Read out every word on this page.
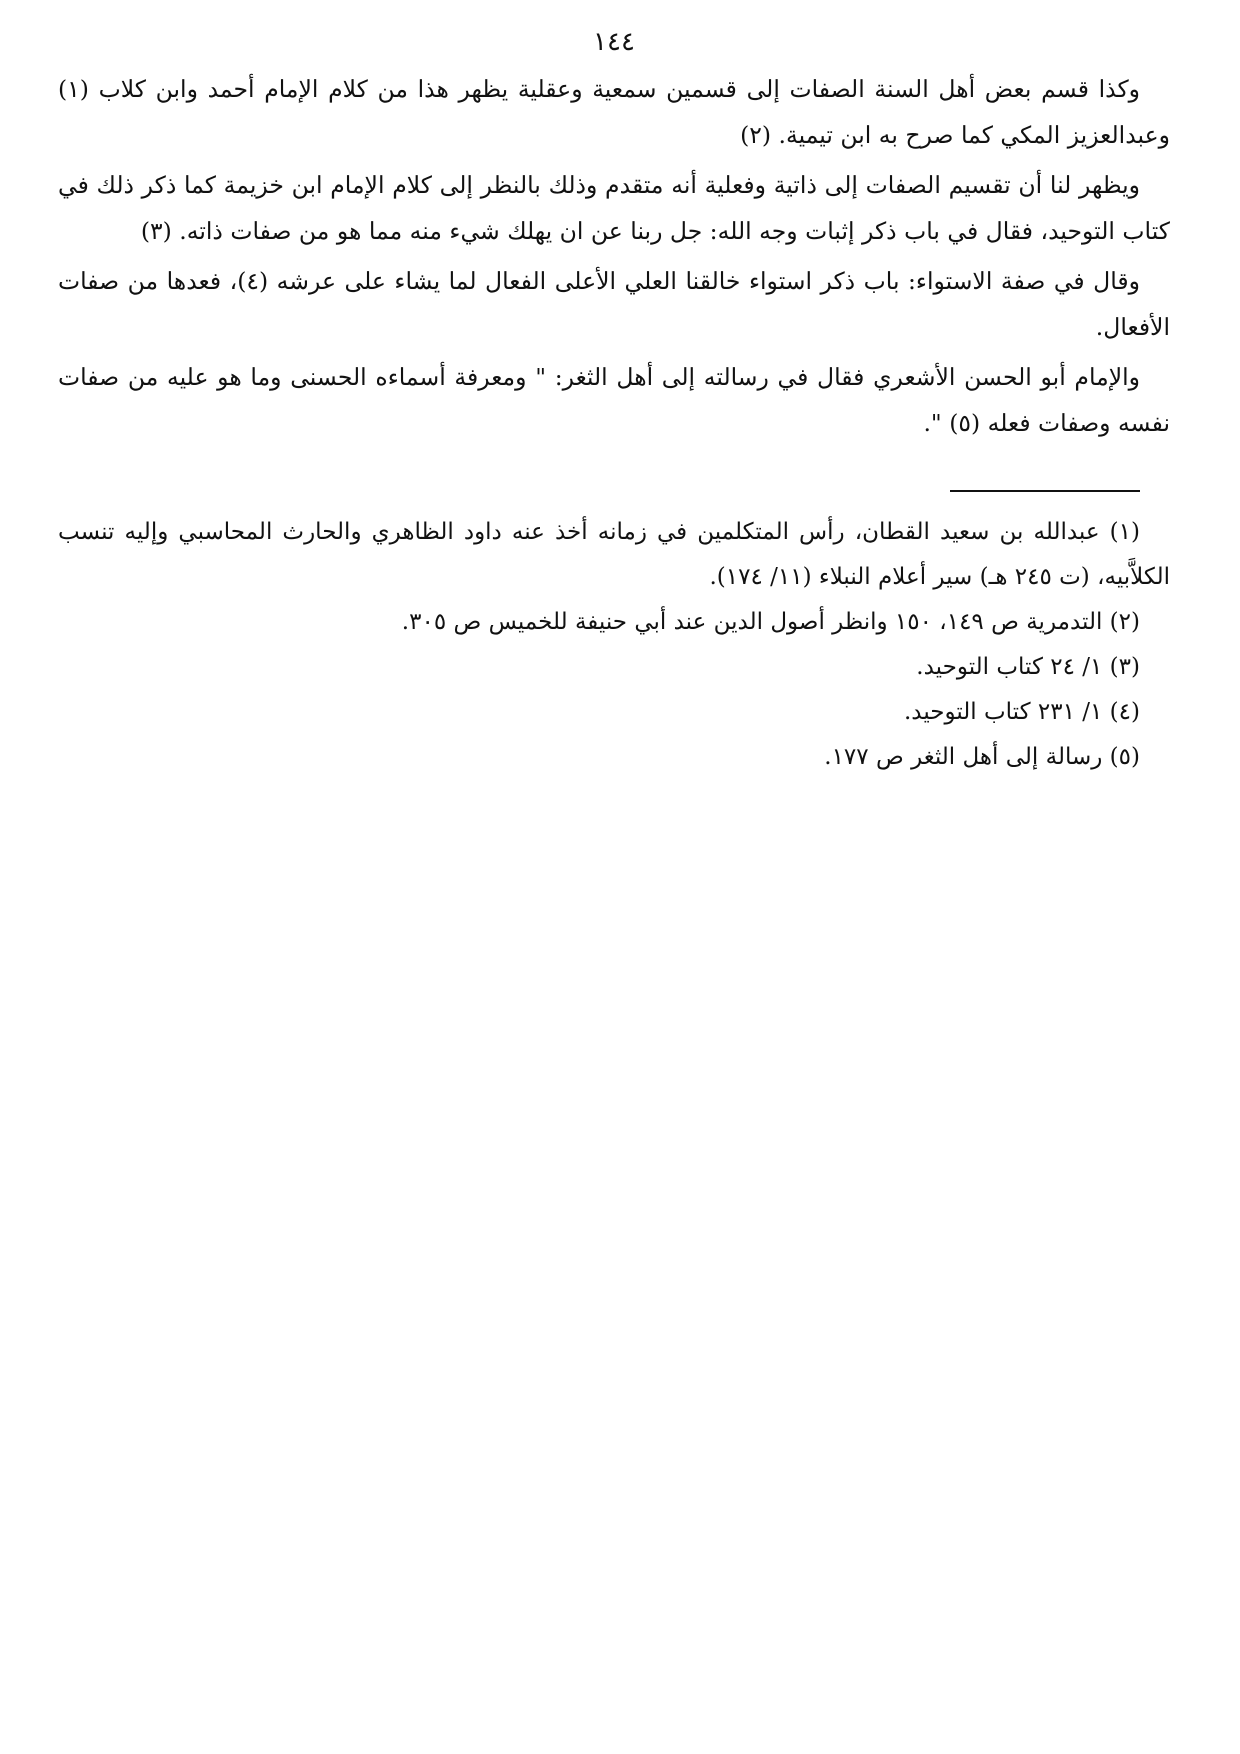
١٤٤

وكذا قسم بعض أهل السنة الصفات إلى قسمين سمعية وعقلية يظهر هذا من كلام الإمام أحمد وابن كلاب (١) وعبدالعزيز المكي كما صرح به ابن تيمية. (٢)

ويظهر لنا أن تقسيم الصفات إلى ذاتية وفعلية أنه متقدم وذلك بالنظر إلى كلام الإمام ابن خزيمة كما ذكر ذلك في كتاب التوحيد، فقال في باب ذكر إثبات وجه الله: جل ربنا عن ان يهلك شيء منه مما هو من صفات ذاته. (٣)

وقال في صفة الاستواء: باب ذكر استواء خالقنا العلي الأعلى الفعال لما يشاء على عرشه (٤)، فعدها من صفات الأفعال.

والإمام أبو الحسن الأشعري فقال في رسالته إلى أهل الثغر: " ومعرفة أسماءه الحسنى وما هو عليه من صفات نفسه وصفات فعله (٥) ".

(١) عبدالله بن سعيد القطان، رأس المتكلمين في زمانه أخذ عنه داود الظاهري والحارث المحاسبي وإليه تنسب الكلاَّبيه، (ت ٢٤٥ هـ) سير أعلام النبلاء (١١/ ١٧٤).

(٢) التدمرية ص ١٤٩، ١٥٠ وانظر أصول الدين عند أبي حنيفة للخميس ص ٣٠٥.

(٣) ١/ ٢٤ كتاب التوحيد.

(٤) ١/ ٢٣١ كتاب التوحيد.

(٥) رسالة إلى أهل الثغر ص ١٧٧.
